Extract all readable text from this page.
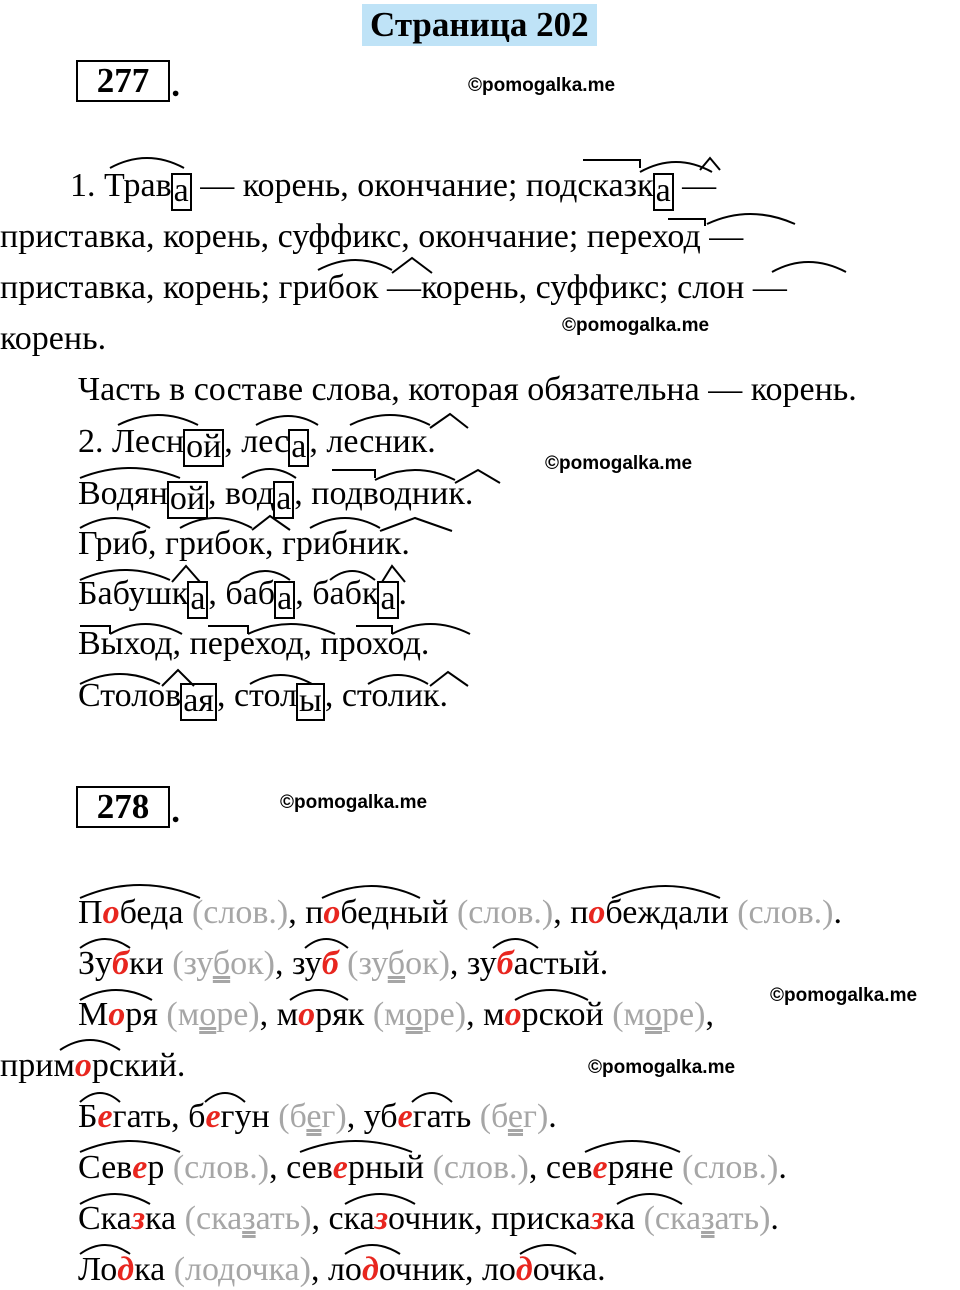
Страница 202
277 .	©pomogalka.me
1. Трава — корень, окончание; подсказка —
приставка, корень, суффикс, окончание; переход —
приставка, корень; грибок —корень, суффикс; слон —
корень.	©pomogalka.me
Часть в составе слова, которая обязательна — корень.
2. Лесной, леса, лесник.
©pomogalka.me
Водяной, вода, подводник.
Гриб, грибок, грибник.
Бабушка, баба, бабка.
Выход, переход, проход.
Столовая, столы, столик.
278 .	©pomogalka.me
Победа (слов.), победный (слов.), побеждали (слов.).
Зубки (зубок), зуб (зубок), зубастый.
Моря (море), моряк (море), морской (море),
©pomogalka.me
приморский.	©pomogalka.me
Бегать, бегун (бег), убегать (бег).
Север (слов.), северный (слов.), северяне (слов.).
Сказка (сказать), сказочник, присказка (сказать).
Лодка (лодочка), лодочник, лодочка.
